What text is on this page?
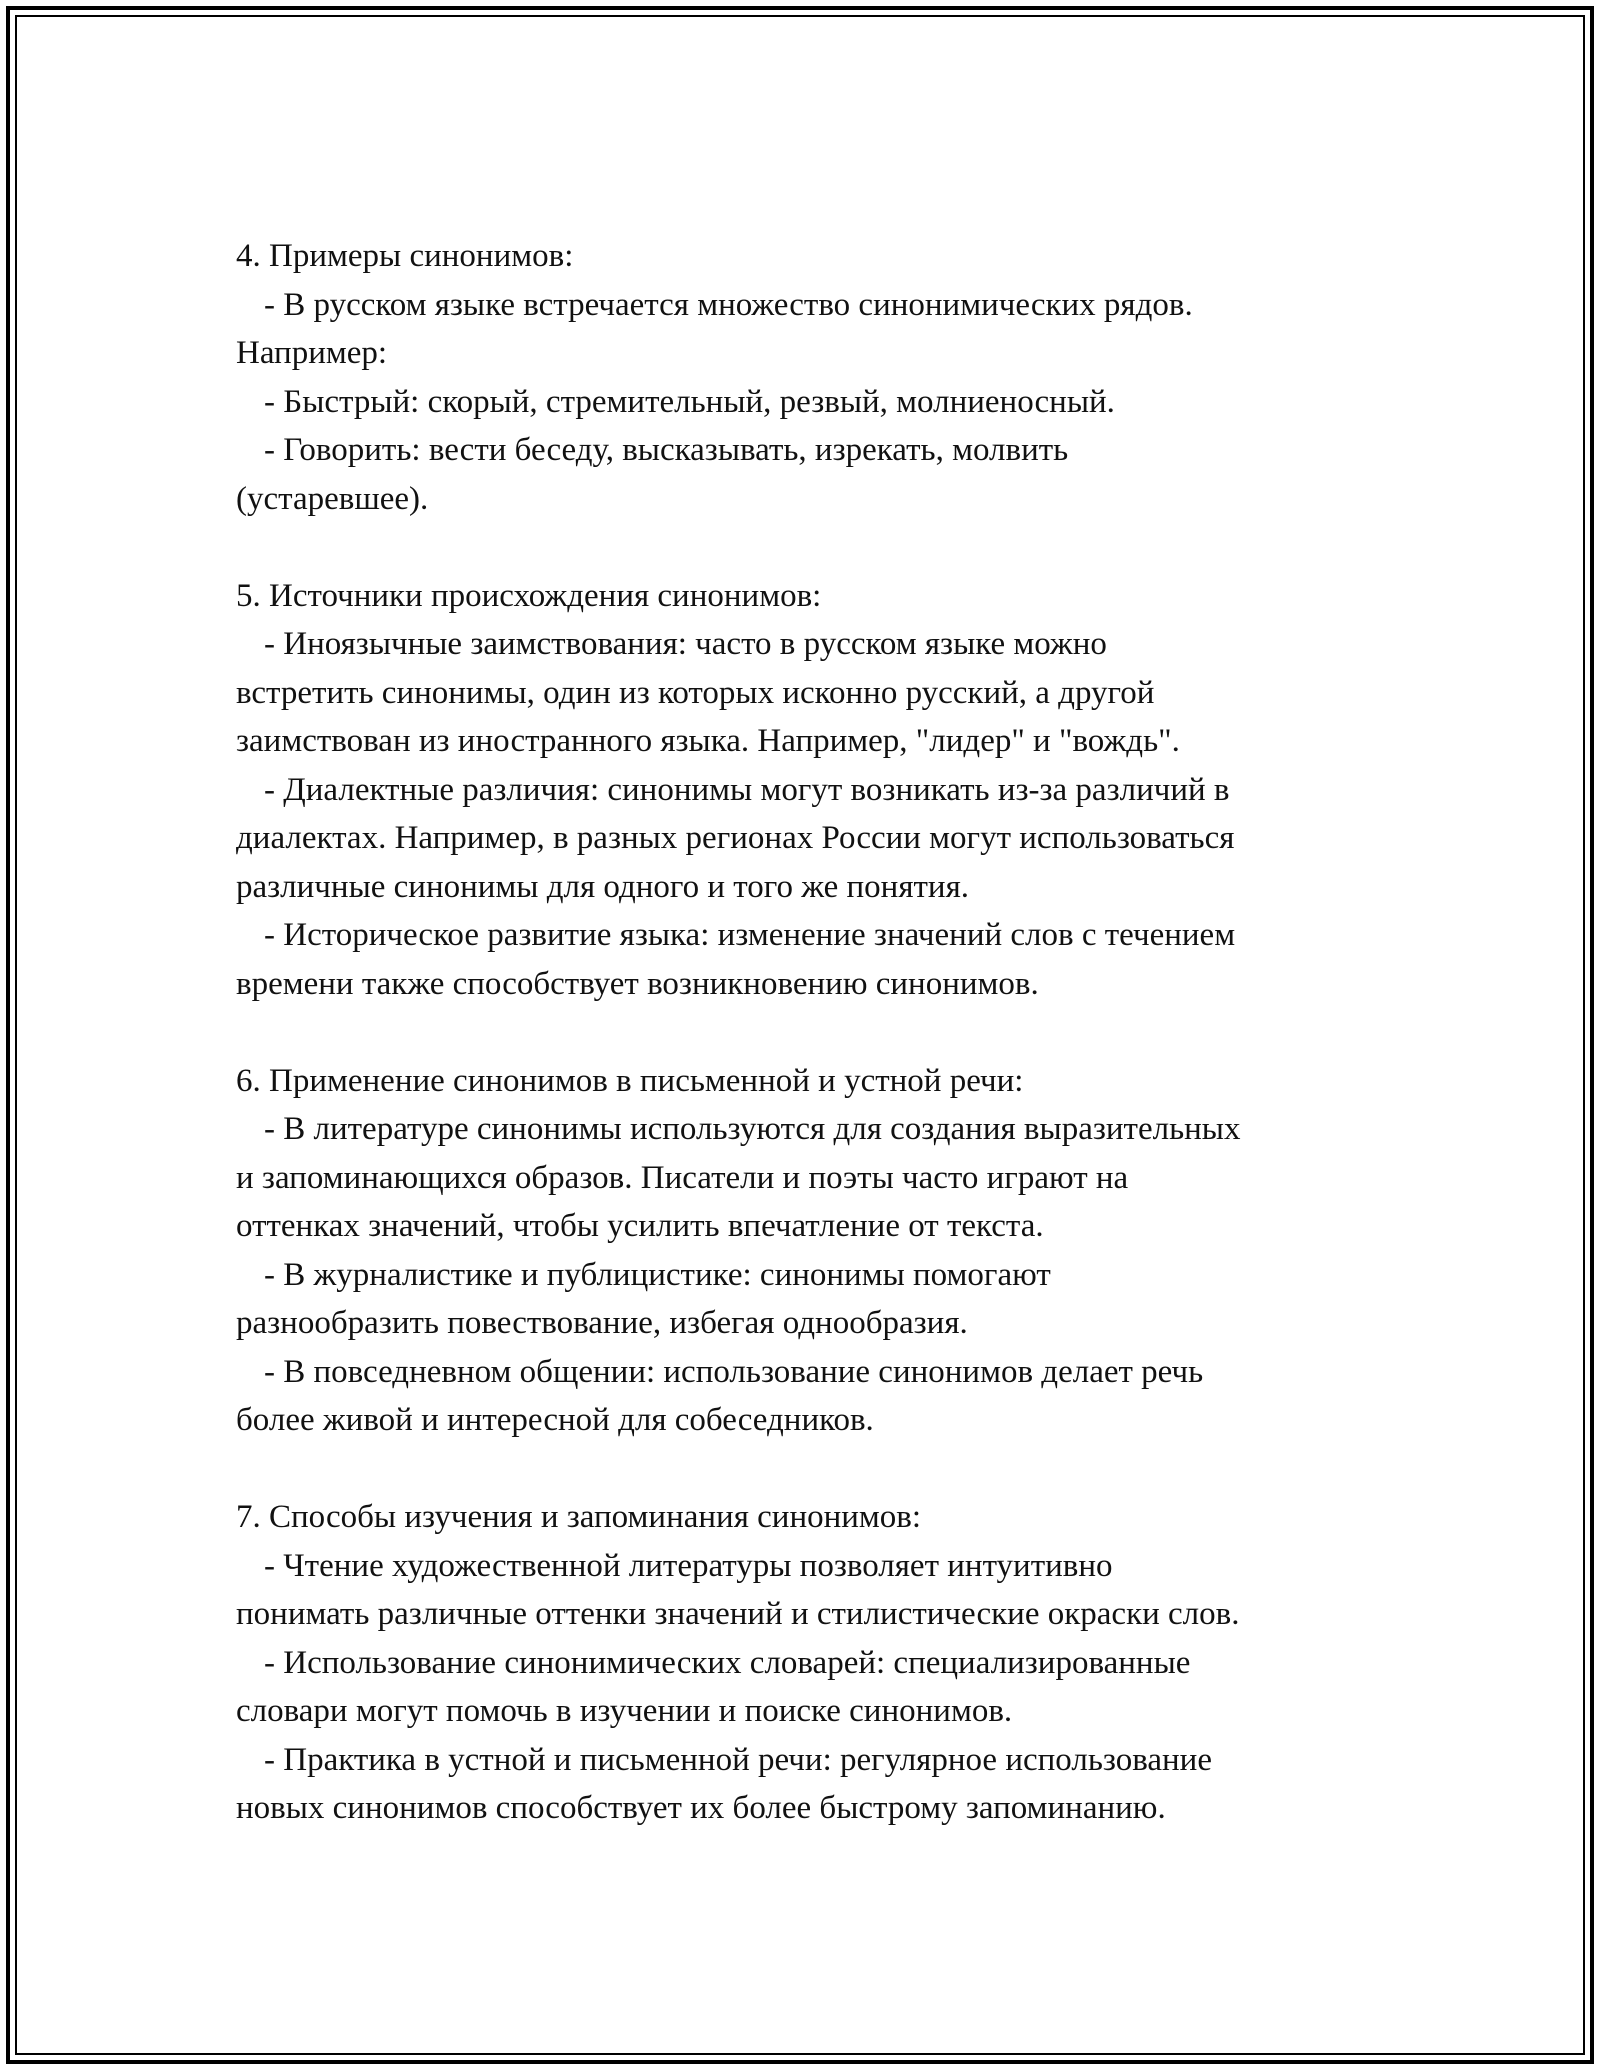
4. Примеры синонимов:
- В русском языке встречается множество синонимических рядов.
Например:
- Быстрый: скорый, стремительный, резвый, молниеносный.
- Говорить: вести беседу, высказывать, изрекать, молвить
(устаревшее).
5. Источники происхождения синонимов:
- Иноязычные заимствования: часто в русском языке можно
встретить синонимы, один из которых исконно русский, а другой
заимствован из иностранного языка. Например, "лидер" и "вождь".
- Диалектные различия: синонимы могут возникать из-за различий в
диалектах. Например, в разных регионах России могут использоваться
различные синонимы для одного и того же понятия.
- Историческое развитие языка: изменение значений слов с течением
времени также способствует возникновению синонимов.
6. Применение синонимов в письменной и устной речи:
- В литературе синонимы используются для создания выразительных
и запоминающихся образов. Писатели и поэты часто играют на
оттенках значений, чтобы усилить впечатление от текста.
- В журналистике и публицистике: синонимы помогают
разнообразить повествование, избегая однообразия.
- В повседневном общении: использование синонимов делает речь
более живой и интересной для собеседников.
7. Способы изучения и запоминания синонимов:
- Чтение художественной литературы позволяет интуитивно
понимать различные оттенки значений и стилистические окраски слов.
- Использование синонимических словарей: специализированные
словари могут помочь в изучении и поиске синонимов.
- Практика в устной и письменной речи: регулярное использование
новых синонимов способствует их более быстрому запоминанию.
